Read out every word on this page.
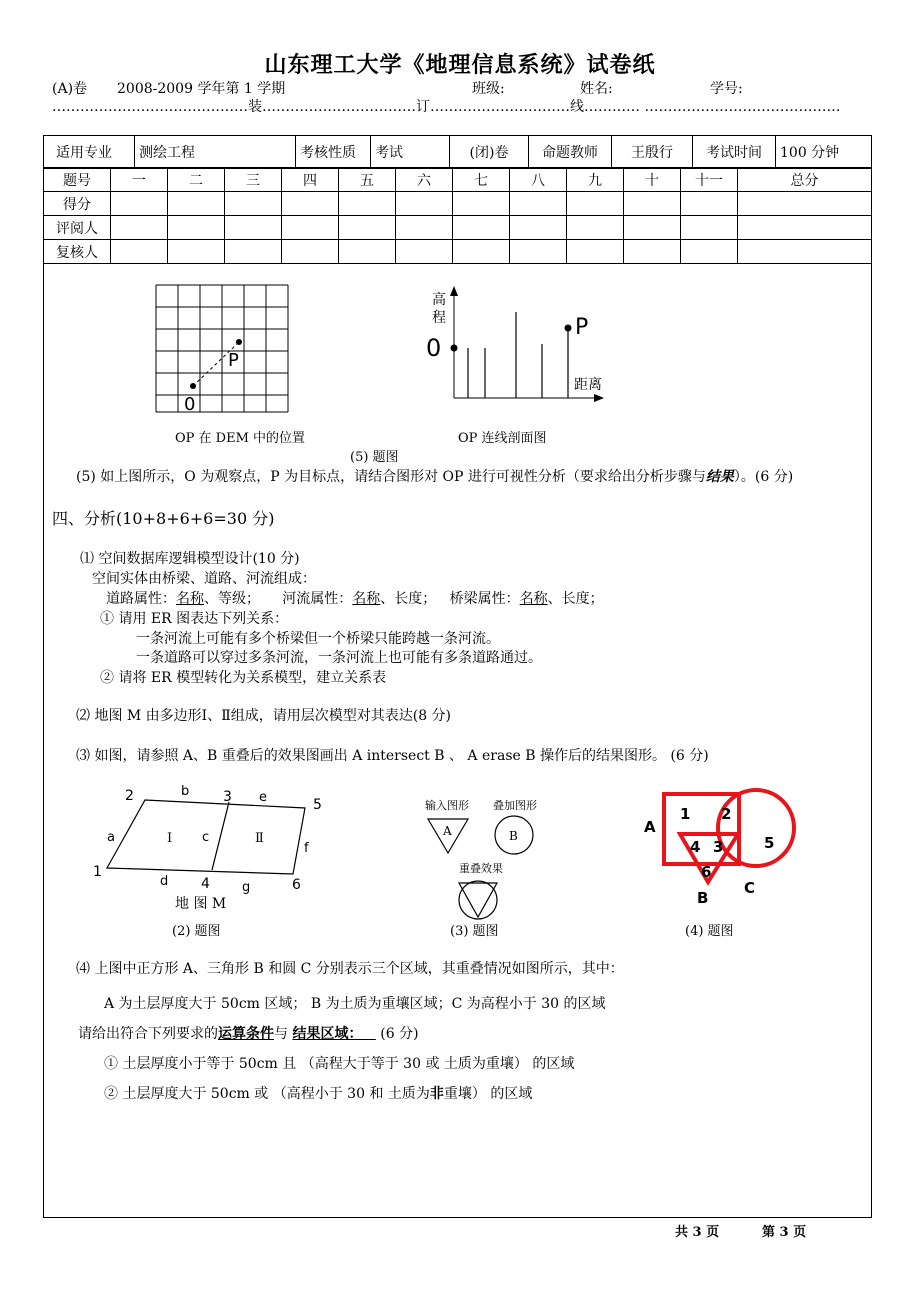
山东理工大学《地理信息系统》试卷纸
(A)卷 2008-2009 学年第 1 学期	班级:	姓名:	学号:
……………………………………装……………………………订…………………………线………… ……………………………………
适用专业	测绘工程	考核性质	考试	(闭)卷	命题教师	王殷行	考试时间	100 分钟
题号	一	二	三	四	五	六	七	八	九	十	十一	总分
得分												
评阅人												
复核人												
P
0
高
程
0
P
距离
OP 在 DEM 中的位置	OP 连线剖面图
(5) 题图
(5) 如上图所示，O 为观察点，P 为目标点，请结合图形对 OP 进行可视性分析（要求给出分析步骤与结果）。(6 分)
四、分析(10+8+6+6=30 分)
⑴ 空间数据库逻辑模型设计(10 分)
空间实体由桥梁、道路、河流组成：
道路属性：名称、等级； 河流属性：名称、长度； 桥梁属性：名称、长度；
① 请用 ER 图表达下列关系：
一条河流上可能有多个桥梁但一个桥梁只能跨越一条河流。
一条道路可以穿过多条河流，一条河流上也可能有多条道路通过。
② 请将 ER 模型转化为关系模型，建立关系表
⑵ 地图 M 由多边形Ⅰ、Ⅱ组成，请用层次模型对其表达(8 分)
⑶ 如图，请参照 A、B 重叠后的效果图画出 A intersect B 、 A erase B 操作后的结果图形。 (6 分)
2	3	5
1
4	6
b	e
a	c
f
d	g
Ⅰ	Ⅱ
地 图 M
(2) 题图
输入图形 叠加图形
A	B
重叠效果
(3) 题图
A
1 2
4 3	5
6
B
C
(4) 题图
⑷ 上图中正方形 A、三角形 B 和圆 C 分别表示三个区域，其重叠情况如图所示，其中：
A 为土层厚度大于 50cm 区域； B 为土质为重壤区域；C 为高程小于 30 的区域
请给出符合下列要求的运算条件与 结果区域：    (6 分)
① 土层厚度小于等于 50cm 且 （高程大于等于 30 或 土质为重壤） 的区域
② 土层厚度大于 50cm 或 （高程小于 30 和 土质为非重壤） 的区域
共 3 页	第 3 页
